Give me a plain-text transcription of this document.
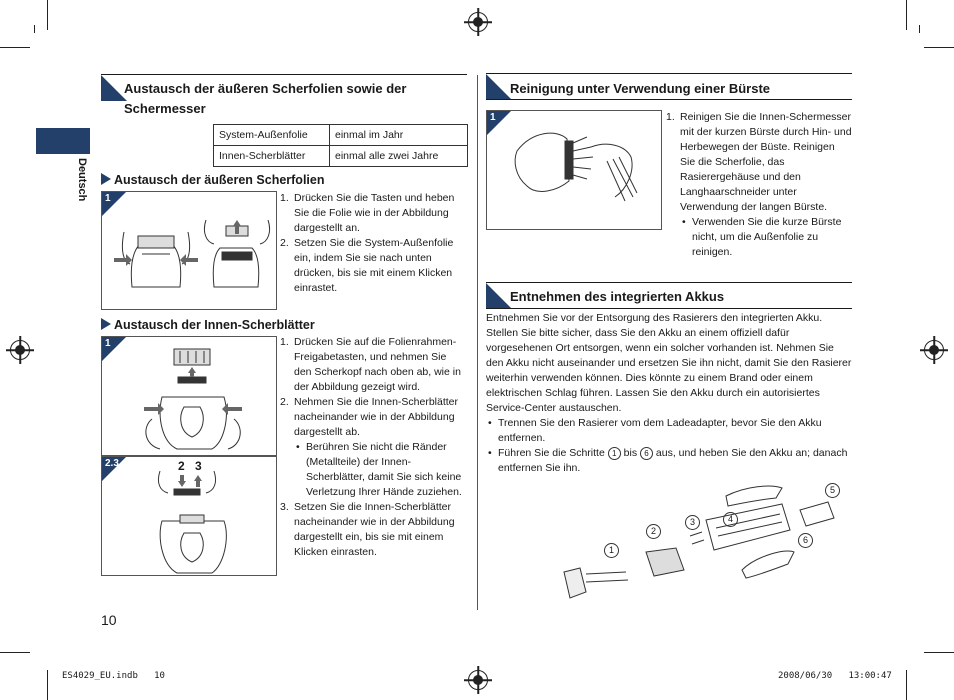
Deutsch
Austausch der äußeren Scherfolien sowie der Schermesser
System-Außenfolie	einmal im Jahr
Innen-Scherblätter	einmal alle zwei Jahre
Austausch der äußeren Scherfolien
1	1. Drücken Sie die Tasten und heben Sie die Folie wie in der Abbildung dargestellt an.
2. Setzen Sie die System-Außenfolie ein, indem Sie sie nach unten drücken, bis sie mit einem Klicken einrastet.
Austausch der Innen-Scherblätter
1
2.3	2 3
1. Drücken Sie auf die Folienrahmen-Freigabetasten, und nehmen Sie den Scherkopf nach oben ab, wie in der Abbildung gezeigt wird.
2. Nehmen Sie die Innen-Scherblätter nacheinander wie in der Abbildung dargestellt ab.
• Berühren Sie nicht die Ränder (Metallteile) der Innen-Scherblätter, damit Sie sich keine Verletzung Ihrer Hände zuziehen.
3. Setzen Sie die Innen-Scherblätter nacheinander wie in der Abbildung dargestellt ein, bis sie mit einem Klicken einrasten.
10
Reinigung unter Verwendung einer Bürste
1	1. Reinigen Sie die Innen-Schermesser mit der kurzen Bürste durch Hin- und Herbewegen der Büste. Reinigen Sie die Scherfolie, das Rasierergehäuse und den Langhaarschneider unter Verwendung der langen Bürste.
• Verwenden Sie die kurze Bürste nicht, um die Außenfolie zu reinigen.
Entnehmen des integrierten Akkus
Entnehmen Sie vor der Entsorgung des Rasierers den integrierten Akku. Stellen Sie bitte sicher, dass Sie den Akku an einem offiziell dafür vorgesehenen Ort entsorgen, wenn ein solcher vorhanden ist. Nehmen Sie den Akku nicht auseinander und ersetzen Sie ihn nicht, damit Sie den Rasierer weiterhin verwenden können. Dies könnte zu einem Brand oder einem elektrischen Schlag führen. Lassen Sie den Akku durch ein autorisiertes Service-Center austauschen.
• Trennen Sie den Rasierer vom dem Ladeadapter, bevor Sie den Akku entfernen.
• Führen Sie die Schritte 1 bis 6 aus, und heben Sie den Akku an; danach entfernen Sie ihn.
1
2
3	4
5
6
ES4029_EU.indb   10	2008/06/30   13:00:47
